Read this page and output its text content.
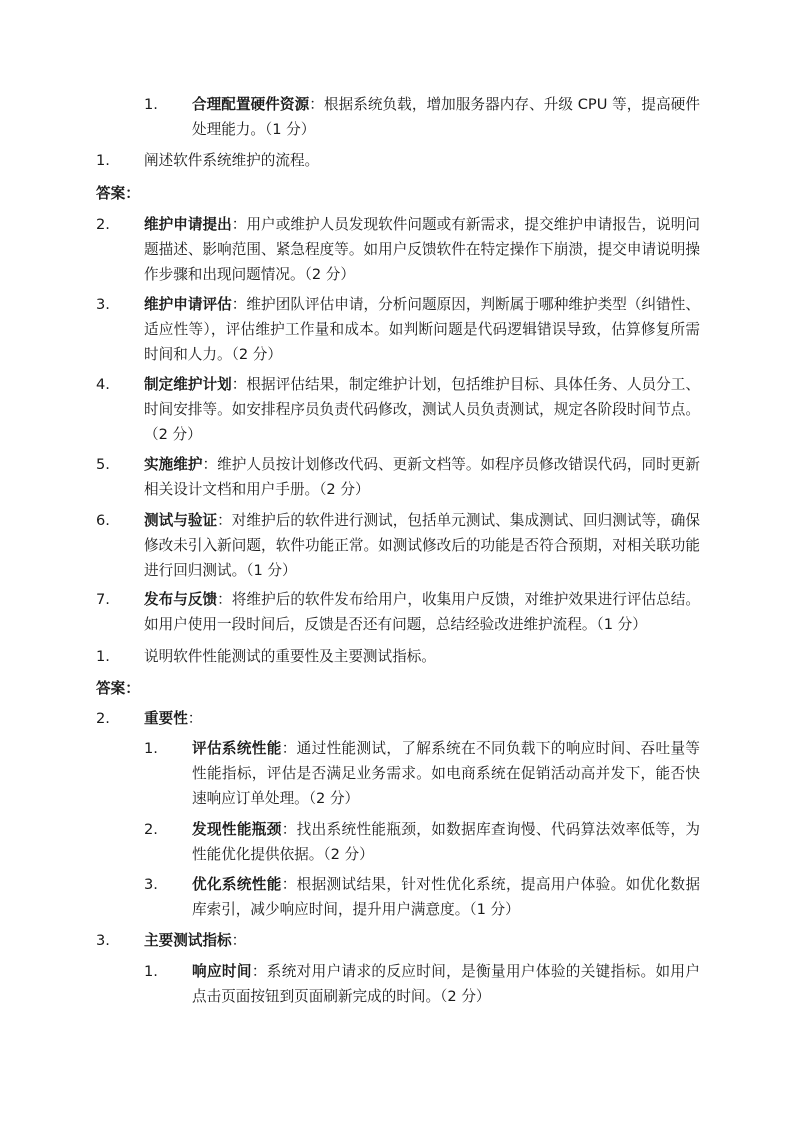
1. 合理配置硬件资源：根据系统负载，增加服务器内存、升级 CPU 等，提高硬件处理能力。（1 分）
1. 阐述软件系统维护的流程。
答案：
2. 维护申请提出：用户或维护人员发现软件问题或有新需求，提交维护申请报告，说明问题描述、影响范围、紧急程度等。如用户反馈软件在特定操作下崩溃，提交申请说明操作步骤和出现问题情况。（2 分）
3. 维护申请评估：维护团队评估申请，分析问题原因，判断属于哪种维护类型（纠错性、适应性等），评估维护工作量和成本。如判断问题是代码逻辑错误导致，估算修复所需时间和人力。（2 分）
4. 制定维护计划：根据评估结果，制定维护计划，包括维护目标、具体任务、人员分工、时间安排等。如安排程序员负责代码修改，测试人员负责测试，规定各阶段时间节点。（2 分）
5. 实施维护：维护人员按计划修改代码、更新文档等。如程序员修改错误代码，同时更新相关设计文档和用户手册。（2 分）
6. 测试与验证：对维护后的软件进行测试，包括单元测试、集成测试、回归测试等，确保修改未引入新问题，软件功能正常。如测试修改后的功能是否符合预期，对相关联功能进行回归测试。（1 分）
7. 发布与反馈：将维护后的软件发布给用户，收集用户反馈，对维护效果进行评估总结。如用户使用一段时间后，反馈是否还有问题，总结经验改进维护流程。（1 分）
1. 说明软件性能测试的重要性及主要测试指标。
答案：
2. 重要性：
1. 评估系统性能：通过性能测试，了解系统在不同负载下的响应时间、吞吐量等性能指标，评估是否满足业务需求。如电商系统在促销活动高并发下，能否快速响应订单处理。（2 分）
2. 发现性能瓶颈：找出系统性能瓶颈，如数据库查询慢、代码算法效率低等，为性能优化提供依据。（2 分）
3. 优化系统性能：根据测试结果，针对性优化系统，提高用户体验。如优化数据库索引，减少响应时间，提升用户满意度。（1 分）
3. 主要测试指标：
1. 响应时间：系统对用户请求的反应时间，是衡量用户体验的关键指标。如用户点击页面按钮到页面刷新完成的时间。（2 分）
